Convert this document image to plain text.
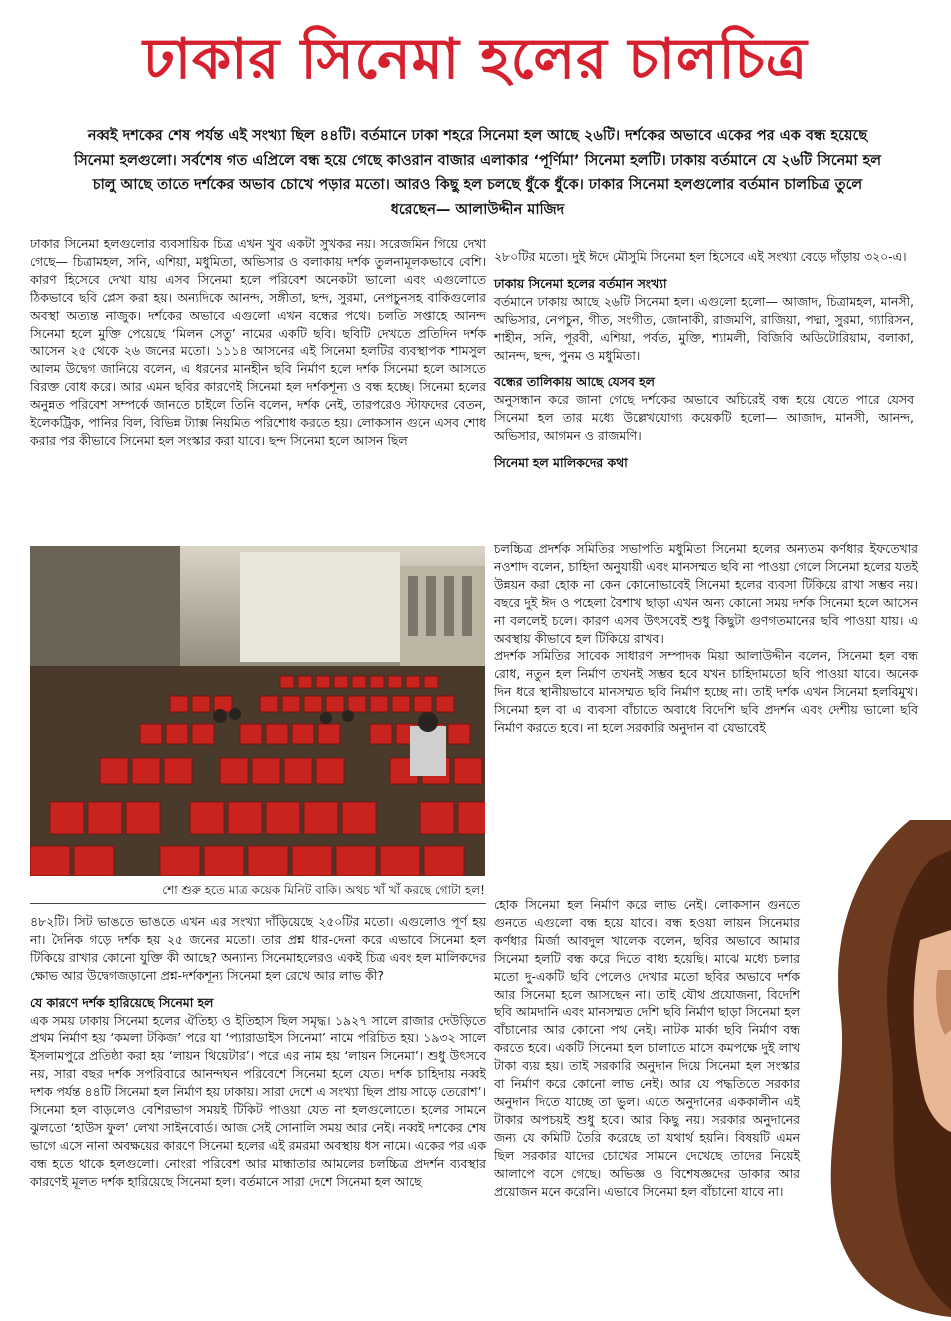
ঢাকার সিনেমা হলের চালচিত্র
নব্বই দশকের শেষ পর্যন্ত এই সংখ্যা ছিল ৪৪টি। বর্তমানে ঢাকা শহরে সিনেমা হল আছে ২৬টি। দর্শকের অভাবে একের পর এক বন্ধ হয়েছে সিনেমা হলগুলো। সর্বশেষ গত এপ্রিলে বন্ধ হয়ে গেছে কাওরান বাজার এলাকার ‘পূর্ণিমা’ সিনেমা হলটি। ঢাকায় বর্তমানে যে ২৬টি সিনেমা হল চালু আছে তাতে দর্শকের অভাব চোখে পড়ার মতো। আরও কিছু হল চলছে ধুঁকে ধুঁকে। ঢাকার সিনেমা হলগুলোর বর্তমান চালচিত্র তুলে ধরেছেন— আলাউদ্দীন মাজিদ

ঢাকার সিনেমা হলগুলোর ব্যবসায়িক চিত্র এখন খুব একটা সুখকর নয়। সরেজমিন গিয়ে দেখা গেছে— চিত্রামহল, সনি, এশিয়া, মধুমিতা, অভিসার ও বলাকায় দর্শক তুলনামূলকভাবে বেশি। কারণ হিসেবে দেখা যায় এসব সিনেমা হলে পরিবেশ অনেকটা ভালো এবং এগুলোতে ঠিকভাবে ছবি প্লেস করা হয়। অন্যদিকে আনন্দ, সঙ্গীতা, ছন্দ, সুরমা, নেপচুনসহ বাকিগুলোর অবস্থা অত্যন্ত নাজুক। দর্শকের অভাবে এগুলো এখন বন্ধের পথে। চলতি সপ্তাহে আনন্দ সিনেমা হলে মুক্তি পেয়েছে ‘মিলন সেতু’ নামের একটি ছবি। ছবিটি দেখতে প্রতিদিন দর্শক আসেন ২৫ থেকে ২৬ জনের মতো। ১১১৪ আসনের এই সিনেমা হলটির ব্যবস্থাপক শামসুল আলম উদ্বেগ জানিয়ে বলেন, এ ধরনের মানহীন ছবি নির্মাণ হলে দর্শক সিনেমা হলে আসতে বিরক্ত বোধ করে। আর এমন ছবির কারণেই সিনেমা হল দর্শকশূন্য ও বন্ধ হচ্ছে। সিনেমা হলের অনুন্নত পরিবেশ সম্পর্কে জানতে চাইলে তিনি বলেন, দর্শক নেই, তারপরেও স্টাফদের বেতন, ইলেকট্রিক, পানির বিল, বিভিন্ন ট্যাক্স নিয়মিত পরিশোধ করতে হয়। লোকসান গুনে এসব শোধ করার পর কীভাবে সিনেমা হল সংস্কার করা যাবে। ছন্দ সিনেমা হলে আসন ছিল

২৮০টির মতো। দুই ঈদে মৌসুমি সিনেমা হল হিসেবে এই সংখ্যা বেড়ে দাঁড়ায় ৩২০-এ।

ঢাকায় সিনেমা হলের বর্তমান সংখ্যা

বর্তমানে ঢাকায় আছে ২৬টি সিনেমা হল। এগুলো হলো— আজাদ, চিত্রামহল, মানসী, অভিসার, নেপচুন, গীত, সংগীত, জোনাকী, রাজমণি, রাজিয়া, পদ্মা, সুরমা, গ্যারিসন, শাহীন, সনি, পূরবী, এশিয়া, পর্বত, মুক্তি, শ্যামলী, বিজিবি অডিটোরিয়াম, বলাকা, আনন্দ, ছন্দ, পুনম ও মধুমিতা।

বন্ধের তালিকায় আছে যেসব হল

অনুসন্ধান করে জানা গেছে দর্শকের অভাবে অচিরেই বন্ধ হয়ে যেতে পারে যেসব সিনেমা হল তার মধ্যে উল্লেখযোগ্য কয়েকটি হলো— আজাদ, মানসী, আনন্দ, অভিসার, আগমন ও রাজমণি।

সিনেমা হল মালিকদের কথা

চলচ্চিত্র প্রদর্শক সমিতির সভাপতি মধুমিতা সিনেমা হলের অন্যতম কর্ণধার ইফতেখার নওশাদ বলেন, চাহিদা অনুযায়ী এবং মানসম্মত ছবি না পাওয়া গেলে সিনেমা হলের যতই উন্নয়ন করা হোক না কেন কোনোভাবেই সিনেমা হলের ব্যবসা টিকিয়ে রাখা সম্ভব নয়। বছরে দুই ঈদ ও পহেলা বৈশাখ ছাড়া এখন অন্য কোনো সময় দর্শক সিনেমা হলে আসেন না বললেই চলে। কারণ এসব উৎসবেই শুধু কিছুটা গুণগতমানের ছবি পাওয়া যায়। এ অবস্থায় কীভাবে হল টিকিয়ে রাখব।

প্রদর্শক সমিতির সাবেক সাধারণ সম্পাদক মিয়া আলাউদ্দীন বলেন, সিনেমা হল বন্ধ রোধ, নতুন হল নির্মাণ তখনই সম্ভব হবে যখন চাহিদামতো ছবি পাওয়া যাবে। অনেক দিন ধরে স্থানীয়ভাবে মানসম্মত ছবি নির্মাণ হচ্ছে না। তাই দর্শক এখন সিনেমা হলবিমুখ। সিনেমা হল বা এ ব্যবসা বাঁচাতে অবাধে বিদেশি ছবি প্রদর্শন এবং দেশীয় ভালো ছবি নির্মাণ করতে হবে। না হলে সরকারি অনুদান বা যেভাবেই

শো শুরু হতে মাত্র কয়েক মিনিট বাকি। অথচ খাঁ খাঁ করছে গোটা হল!

৪৮২টি। সিট ভাঙতে ভাঙতে এখন এর সংখ্যা দাঁড়িয়েছে ২৫০টির মতো। এগুলোও পূর্ণ হয় না। দৈনিক গড়ে দর্শক হয় ২৫ জনের মতো। তার প্রশ্ন ধার-দেনা করে এভাবে সিনেমা হল টিকিয়ে রাখার কোনো যুক্তি কী আছে? অন্যান্য সিনেমাহলেরও একই চিত্র এবং হল মালিকদের ক্ষোভ আর উদ্বেগজড়ানো প্রশ্ন-দর্শকশূন্য সিনেমা হল রেখে আর লাভ কী?

যে কারণে দর্শক হারিয়েছে সিনেমা হল

এক সময় ঢাকায় সিনেমা হলের ঐতিহ্য ও ইতিহাস ছিল সমৃদ্ধ। ১৯২৭ সালে রাজার দেউড়িতে প্রথম নির্মাণ হয় ‘কমলা টকিজ’ পরে যা ‘প্যারাডাইস সিনেমা’ নামে পরিচিত হয়। ১৯৩২ সালে ইসলামপুরে প্রতিষ্ঠা করা হয় ‘লায়ন থিয়েটার’। পরে এর নাম হয় ‘লায়ন সিনেমা’। শুধু উৎসবে নয়, সারা বছর দর্শক সপরিবারে আনন্দঘন পরিবেশে সিনেমা হলে যেত। দর্শক চাহিদায় নব্বই দশক পর্যন্ত ৪৪টি সিনেমা হল নির্মাণ হয় ঢাকায়। সারা দেশে এ সংখ্যা ছিল প্রায় সাড়ে তেরোশ’। সিনেমা হল বাড়লেও বেশিরভাগ সময়ই টিকিট পাওয়া যেত না হলগুলোতে। হলের সামনে ঝুলতো ‘হাউস ফুল’ লেখা সাইনবোর্ড। আজ সেই সোনালি সময় আর নেই। নব্বই দশকের শেষ ভাগে এসে নানা অবক্ষয়ের কারণে সিনেমা হলের এই রমরমা অবস্থায় ধস নামে। একের পর এক বন্ধ হতে থাকে হলগুলো। নোংরা পরিবেশ আর মান্ধাতার আমলের চলচ্চিত্র প্রদর্শন ব্যবস্থার কারণেই মূলত দর্শক হারিয়েছে সিনেমা হল। বর্তমানে সারা দেশে সিনেমা হল আছে

হোক সিনেমা হল নির্মাণ করে লাভ নেই। লোকসান গুনতে গুনতে এগুলো বন্ধ হয়ে যাবে। বন্ধ হওয়া লায়ন সিনেমার কর্ণধার মির্জা আবদুল খালেক বলেন, ছবির অভাবে আমার সিনেমা হলটি বন্ধ করে দিতে বাধ্য হয়েছি। মাঝে মধ্যে চলার মতো দু-একটি ছবি পেলেও দেখার মতো ছবির অভাবে দর্শক আর সিনেমা হলে আসছেন না। তাই যৌথ প্রযোজনা, বিদেশি ছবি আমদানি এবং মানসম্মত দেশি ছবি নির্মাণ ছাড়া সিনেমা হল বাঁচানোর আর কোনো পথ নেই। নাটক মার্কা ছবি নির্মাণ বন্ধ করতে হবে। একটি সিনেমা হল চালাতে মাসে কমপক্ষে দুই লাখ টাকা ব্যয় হয়। তাই সরকারি অনুদান দিয়ে সিনেমা হল সংস্কার বা নির্মাণ করে কোনো লাভ নেই। আর যে পদ্ধতিতে সরকার অনুদান দিতে যাচ্ছে তা ভুল। এতে অনুদানের এককালীন এই টাকার অপচয়ই শুধু হবে। আর কিছু নয়। সরকার অনুদানের জন্য যে কমিটি তৈরি করেছে তা যথার্থ হয়নি। বিষয়টি এমন ছিল সরকার যাদের চোখের সামনে দেখেছে তাদের নিয়েই আলাপে বসে গেছে। অভিজ্ঞ ও বিশেষজ্ঞদের ডাকার আর প্রয়োজন মনে করেনি। এভাবে সিনেমা হল বাঁচানো যাবে না।
